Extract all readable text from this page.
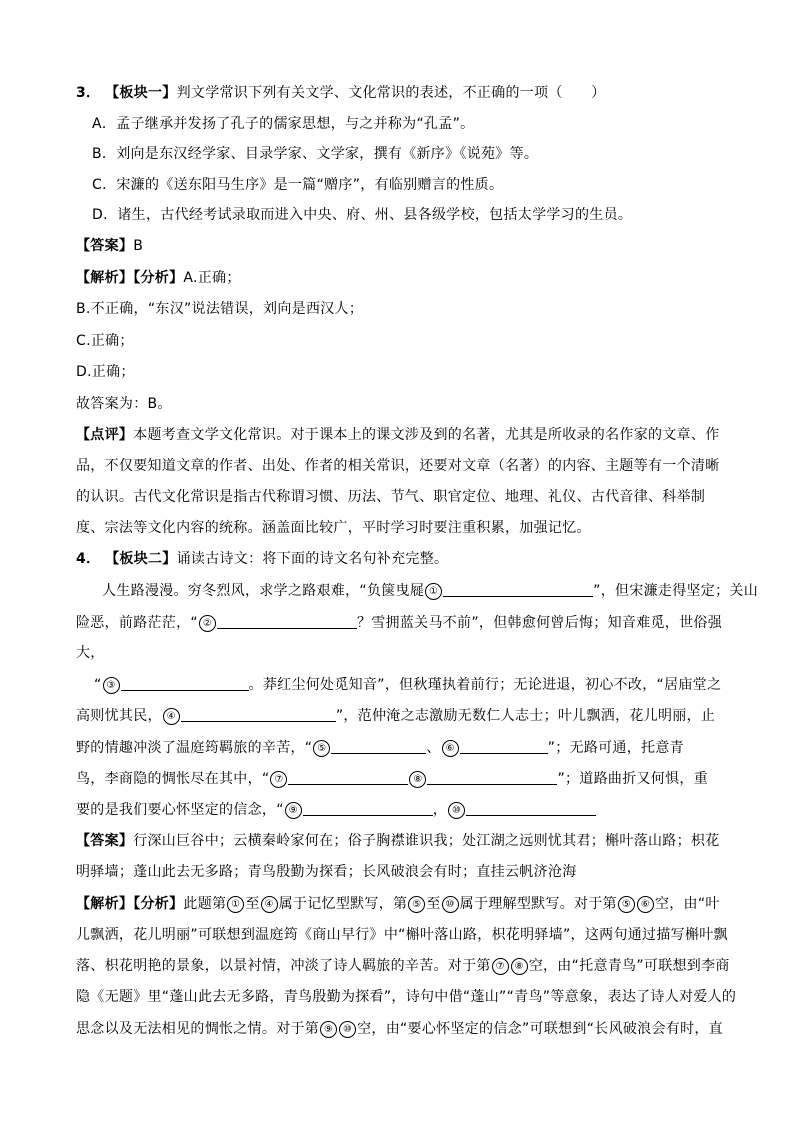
3． 【板块一】判文学常识下列有关文学、文化常识的表述，不正确的一项（　　）
A．孟子继承并发扬了孔子的儒家思想，与之并称为“孔孟”。
B．刘向是东汉经学家、目录学家、文学家，撰有《新序》《说苑》等。
C．宋濂的《送东阳马生序》是一篇“赠序”，有临别赠言的性质。
D．诸生，古代经考试录取而进入中央、府、州、县各级学校，包括太学学习的生员。
【答案】B
【解析】【分析】A.正确；
B.不正确，“东汉”说法错误，刘向是西汉人；
C.正确；
D.正确；
故答案为：B。
【点评】本题考查文学文化常识。对于课本上的课文涉及到的名著，尤其是所收录的名作家的文章、作
品，不仅要知道文章的作者、出处、作者的相关常识，还要对文章（名著）的内容、主题等有一个清晰
的认识。古代文化常识是指古代称谓习惯、历法、节气、职官定位、地理、礼仪、古代音律、科举制
度、宗法等文化内容的统称。涵盖面比较广，平时学习时要注重积累，加强记忆。
4． 【板块二】诵读古诗文：将下面的诗文名句补充完整。
人生路漫漫。穷冬烈风，求学之路艰难，“负箧曳屣 ①	”，但宋濂走得坚定；关山
险恶，前路茫茫，“ ②	？雪拥蓝关马不前”，但韩愈何曾后悔；知音难觅，世俗强
大，
“ ③	。莽红尘何处觅知音”，但秋瑾执着前行；无论进退，初心不改，“居庙堂之
高则忧其民， ④	”，范仲淹之志激励无数仁人志士；叶儿飘洒，花儿明丽，止
野的情趣冲淡了温庭筠羁旅的辛苦，“ ⑤	、 ⑥	”；无路可通，托意青
鸟，李商隐的惆怅尽在其中，“ ⑦	⑧	”；道路曲折又何惧，重
要的是我们要心怀坚定的信念，“ ⑨	， ⑩
【答案】行深山巨谷中；云横秦岭家何在；俗子胸襟谁识我；处江湖之远则忧其君；槲叶落山路；枳花
明驿墙；蓬山此去无多路；青鸟殷勤为探看；长风破浪会有时；直挂云帆济沧海
【解析】【分析】此题第 ① 至 ④ 属于记忆型默写，第 ⑤ 至 ⑩ 属于理解型默写。对于第 ⑤ ⑥ 空，由“叶
儿飘洒，花儿明丽”可联想到温庭筠《商山早行》中“槲叶落山路，枳花明驿墙”，这两句通过描写槲叶飘
落、枳花明艳的景象，以景衬情，冲淡了诗人羁旅的辛苦。对于第 ⑦ ⑧ 空，由“托意青鸟”可联想到李商
隐《无题》里“蓬山此去无多路，青鸟殷勤为探看”，诗句中借“蓬山”“青鸟”等意象，表达了诗人对爱人的
思念以及无法相见的惆怅之情。对于第 ⑨ ⑩ 空，由“要心怀坚定的信念”可联想到“长风破浪会有时，直
